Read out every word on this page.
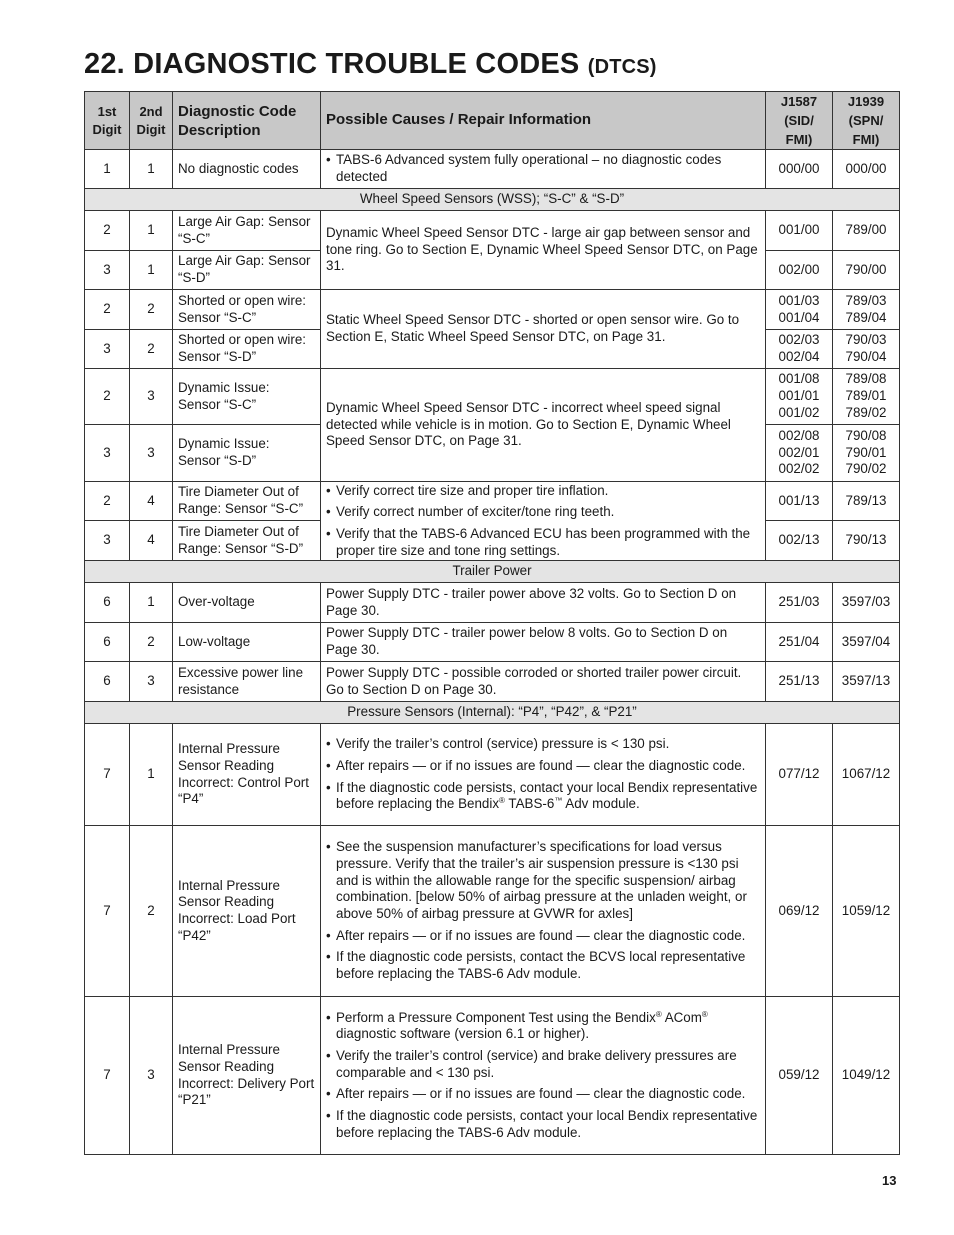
22. DIAGNOSTIC TROUBLE CODES (DTCS)
1st Digit	2nd Digit	Diagnostic Code Description	Possible Causes / Repair Information	J1587 (SID/ FMI)	J1939 (SPN/ FMI)
1	1	No diagnostic codes	• TABS-6 Advanced system fully operational – no diagnostic codes detected	000/00	000/00
Wheel Speed Sensors (WSS); “S-C” & “S-D”					
2	1	Large Air Gap: Sensor “S-C”	Dynamic Wheel Speed Sensor DTC - large air gap between sensor and tone ring. Go to Section E, Dynamic Wheel Speed Sensor DTC, on Page 31.	001/00	789/00
3	1	Large Air Gap: Sensor “S-D”		002/00	790/00
2	2	Shorted or open wire: Sensor “S-C”	Static Wheel Speed Sensor DTC - shorted or open sensor wire. Go to Section E, Static Wheel Speed Sensor DTC, on Page 31.	001/03 001/04	789/03 789/04
3	2	Shorted or open wire: Sensor “S-D”		002/03 002/04	790/03 790/04
2	3	Dynamic Issue: Sensor “S-C”	Dynamic Wheel Speed Sensor DTC - incorrect wheel speed signal detected while vehicle is in motion. Go to Section E, Dynamic Wheel Speed Sensor DTC, on Page 31.	001/08 001/01 001/02	789/08 789/01 789/02
3	3	Dynamic Issue: Sensor “S-D”		002/08 002/01 002/02	790/08 790/01 790/02
2	4	Tire Diameter Out of Range: Sensor “S-C”	• Verify correct tire size and proper tire inflation.
• Verify correct number of exciter/tone ring teeth.
• Verify that the TABS-6 Advanced ECU has been programmed with the proper tire size and tone ring settings.	001/13	789/13
3	4	Tire Diameter Out of Range: Sensor “S-D”		002/13	790/13
Trailer Power					
6	1	Over-voltage	Power Supply DTC - trailer power above 32 volts. Go to Section D on Page 30.	251/03	3597/03
6	2	Low-voltage	Power Supply DTC - trailer power below 8 volts. Go to Section D on Page 30.	251/04	3597/04
6	3	Excessive power line resistance	Power Supply DTC - possible corroded or shorted trailer power circuit. Go to Section D on Page 30.	251/13	3597/13
Pressure Sensors (Internal): “P4”, “P42”, & “P21”					
7	1	Internal Pressure Sensor Reading Incorrect: Control Port “P4”	• Verify the trailer’s control (service) pressure is < 130 psi.
• After repairs — or if no issues are found — clear the diagnostic code.
• If the diagnostic code persists, contact your local Bendix representative before replacing the Bendix® TABS-6™ Adv module.	077/12	1067/12
7	2	Internal Pressure Sensor Reading Incorrect: Load Port “P42”	• See the suspension manufacturer’s specifications for load versus pressure. Verify that the trailer’s air suspension pressure is <130 psi and is within the allowable range for the specific suspension/ airbag combination. [below 50% of airbag pressure at the unladen weight, or above 50% of airbag pressure at GVWR for axles]
• After repairs — or if no issues are found — clear the diagnostic code.
• If the diagnostic code persists, contact the BCVS local representative before replacing the TABS-6 Adv module.	069/12	1059/12
7	3	Internal Pressure Sensor Reading Incorrect: Delivery Port “P21”	• Perform a Pressure Component Test using the Bendix® ACom® diagnostic software (version 6.1 or higher).
• Verify the trailer’s control (service) and brake delivery pressures are comparable and < 130 psi.
• After repairs — or if no issues are found — clear the diagnostic code.
• If the diagnostic code persists, contact your local Bendix representative before replacing the TABS-6 Adv module.	059/12	1049/12
13
